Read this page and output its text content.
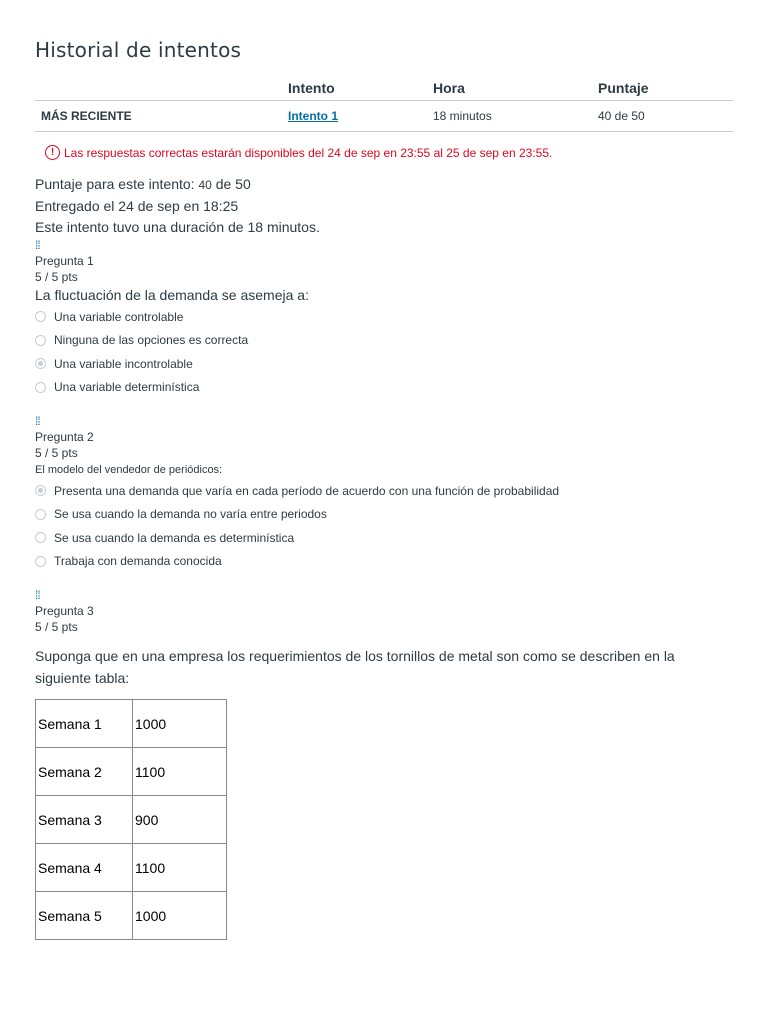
Historial de intentos
	Intento	Hora	Puntaje
MÁS RECIENTE	Intento 1	18 minutos	40 de 50
! Las respuestas correctas estarán disponibles del 24 de sep en 23:55 al 25 de sep en 23:55.
Puntaje para este intento: 40 de 50
Entregado el 24 de sep en 18:25
Este intento tuvo una duración de 18 minutos.
⁞⁞
Pregunta 1
5 / 5 pts
La fluctuación de la demanda se asemeja a:
Una variable controlable
Ninguna de las opciones es correcta
Una variable incontrolable
Una variable determinística
⁞⁞
Pregunta 2
5 / 5 pts
El modelo del vendedor de periódicos:
Presenta una demanda que varía en cada período de acuerdo con una función de probabilidad
Se usa cuando la demanda no varía entre periodos
Se usa cuando la demanda es determinística
Trabaja con demanda conocida
⁞⁞
Pregunta 3
5 / 5 pts
Suponga que en una empresa los requerimientos de los tornillos de metal son como se describen en la siguiente tabla:
Semana 1	1000
Semana 2	1100
Semana 3	900
Semana 4	1100
Semana 5	1000
